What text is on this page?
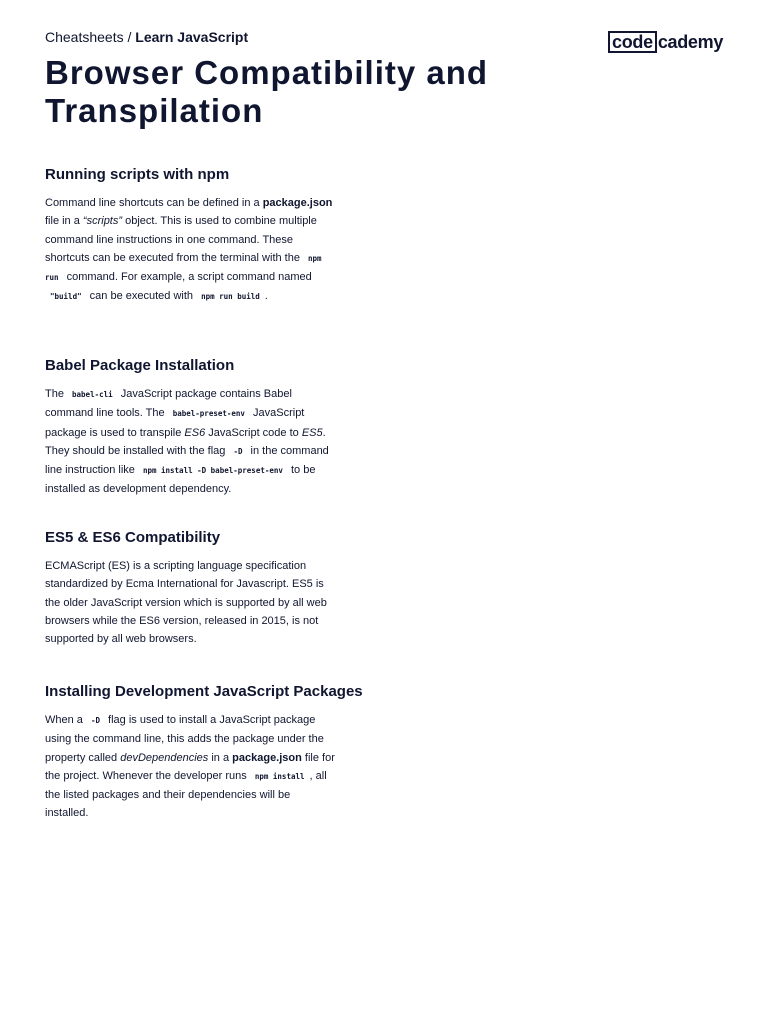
Cheatsheets / Learn JavaScript	code cademy
Browser Compatibility and Transpilation
Running scripts with npm

Command line shortcuts can be defined in a package.json file in a “scripts” object. This is used to combine multiple command line instructions in one command. These shortcuts can be executed from the terminal with the npm run command. For example, a script command named "build" can be executed with npm run build .

Babel Package Installation

The babel-cli JavaScript package contains Babel command line tools. The babel-preset-env JavaScript package is used to transpile ES6 JavaScript code to ES5. They should be installed with the flag -D in the command line instruction like npm install -D babel-preset-env to be installed as development dependency.

ES5 & ES6 Compatibility

ECMAScript (ES) is a scripting language specification standardized by Ecma International for Javascript. ES5 is the older JavaScript version which is supported by all web browsers while the ES6 version, released in 2015, is not supported by all web browsers.

Installing Development JavaScript Packages

When a -D flag is used to install a JavaScript package using the command line, this adds the package under the property called devDependencies in a package.json file for the project. Whenever the developer runs npm install , all the listed packages and their dependencies will be installed.
